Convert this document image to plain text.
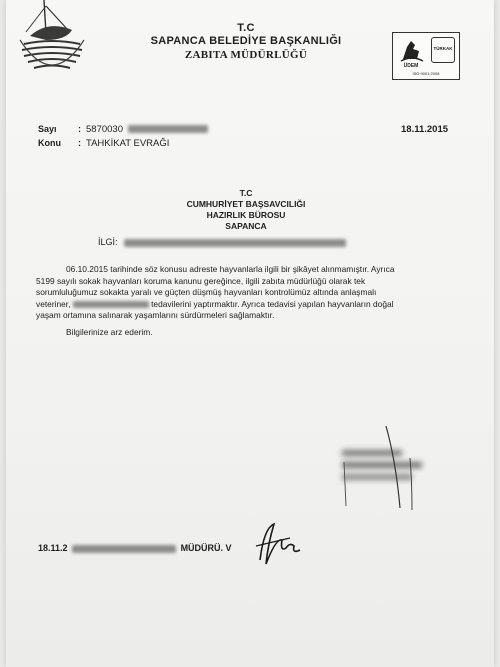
T.C
SAPANCA BELEDİYE BAŞKANLIĞI
ZABITA MÜDÜRLÜĞÜ
ÜDEM
TÜRKAK
ISO 9001:2008
Sayı : 5870030
Konu : TAHKİKAT EVRAĞI
18.11.2015
T.C
CUMHURİYET BAŞSAVCILIĞI
HAZIRLIK BÜROSU
SAPANCA
İLGİ:
06.10.2015 tarihinde söz konusu adreste hayvanlarla ilgili bir şikâyet alınmamıştır. Ayrıca
5199 sayılı sokak hayvanları koruma kanunu gereğince, ilgili zabıta müdürlüğü olarak tek
sorumluluğumuz sokakta yaralı ve güçten düşmüş hayvanları kontrolümüz altında anlaşmalı
veteriner,	tedavilerini yaptırmaktır. Ayrıca tedavisi yapılan hayvanların doğal
yaşam ortamına salınarak yaşamlarını sürdürmeleri sağlamaktır.
Bilgilerinize arz ederim.
18.11.2	MÜDÜRÜ. V
